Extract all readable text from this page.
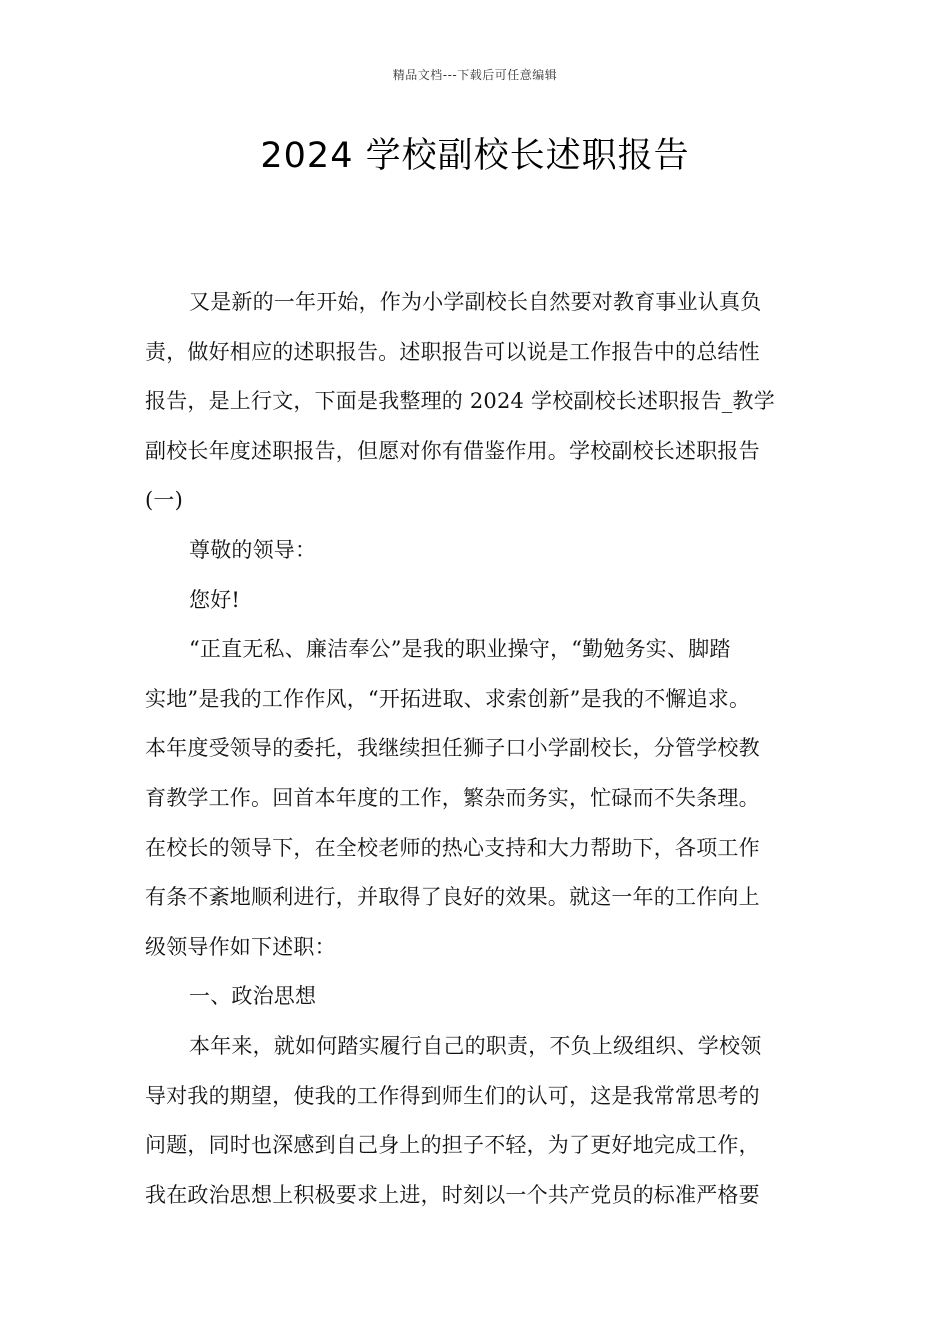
精品文档---下载后可任意编辑
2024 学校副校长述职报告
又是新的一年开始，作为小学副校长自然要对教育事业认真负
责，做好相应的述职报告。述职报告可以说是工作报告中的总结性
报告，是上行文，下面是我整理的 2024 学校副校长述职报告_教学
副校长年度述职报告，但愿对你有借鉴作用。学校副校长述职报告
(一)
尊敬的领导：
您好!
“正直无私、廉洁奉公”是我的职业操守，“勤勉务实、脚踏
实地”是我的工作作风，“开拓进取、求索创新”是我的不懈追求。
本年度受领导的委托，我继续担任狮子口小学副校长，分管学校教
育教学工作。回首本年度的工作，繁杂而务实，忙碌而不失条理。
在校长的领导下，在全校老师的热心支持和大力帮助下，各项工作
有条不紊地顺利进行，并取得了良好的效果。就这一年的工作向上
级领导作如下述职：
一、政治思想
本年来，就如何踏实履行自己的职责，不负上级组织、学校领
导对我的期望，使我的工作得到师生们的认可，这是我常常思考的
问题，同时也深感到自己身上的担子不轻，为了更好地完成工作，
我在政治思想上积极要求上进，时刻以一个共产党员的标准严格要
